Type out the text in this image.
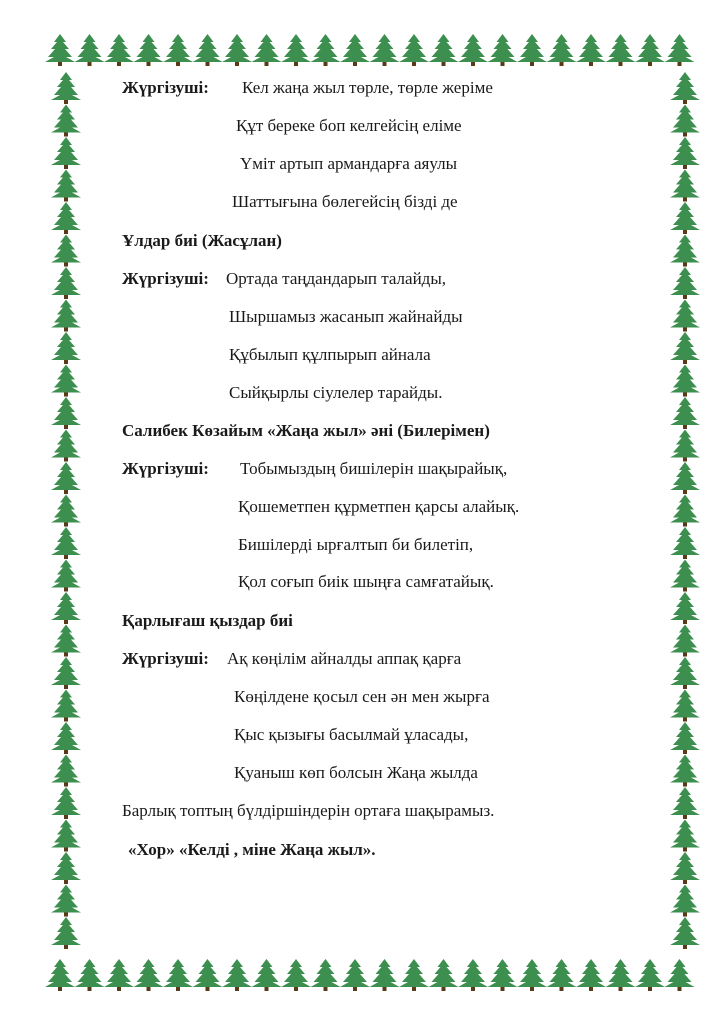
Жүргізуші: Кел жаңа жыл төрле, төрле жеріме
Құт береке боп келгейсің еліме
Үміт артып армандарға аяулы
Шаттығына бөлегейсің бізді де
Ұлдар биі (Жасұлан)
Жүргізуші: Ортада таңдандарып талайды,
Шыршамыз жасанып жайнайды
Құбылып құлпырып айнала
Сыйқырлы сіулелер тарайды.
Салибек Көзайым «Жаңа жыл» әні (Билерімен)
Жүргізуші: Тобымыздың бишілерін шақырайық,
Қошеметпен құрметпен қарсы алайық.
Бишілерді ырғалтып би билетіп,
Қол соғып биік шыңға самғатайық.
Қарлығаш қыздар биі
Жүргізуші: Ақ көңілім айналды аппақ қарға
Көңілдене қосыл сен ән мен жырға
Қыс қызығы басылмай ұласады,
Қуаныш көп болсын Жаңа жылда
Барлық топтың бүлдіршіндерін ортаға шақырамыз.
«Хор» «Келді , міне Жаңа жыл».
